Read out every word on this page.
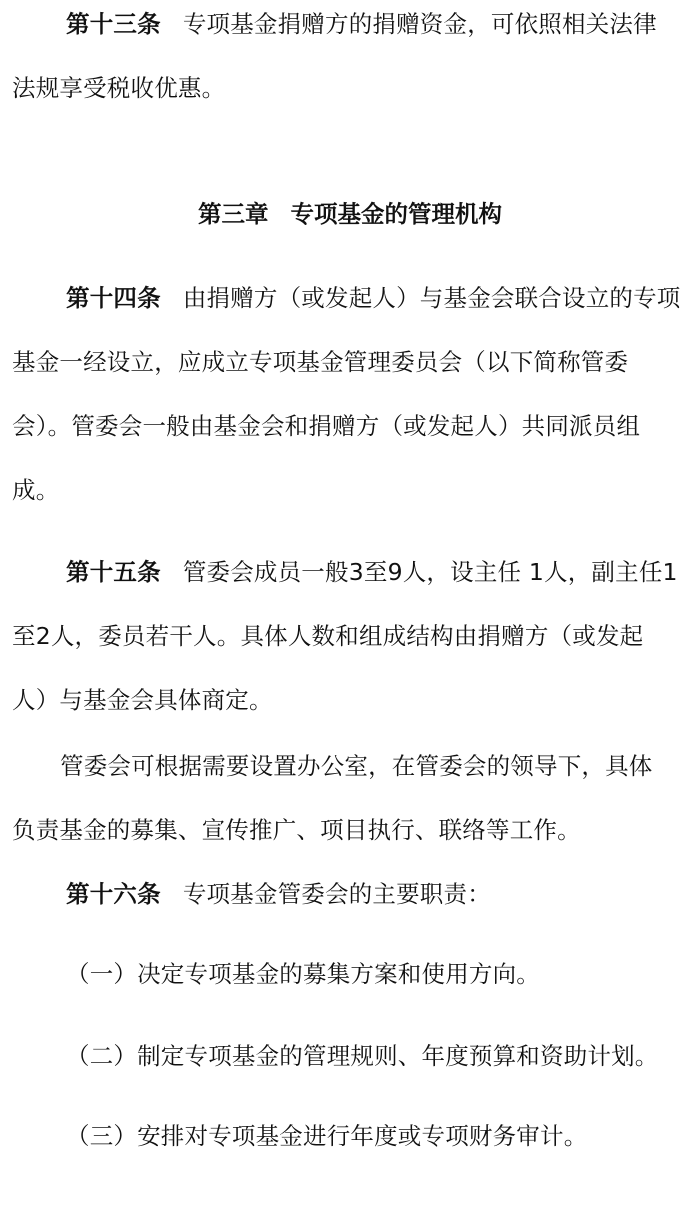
第十三条 专项基金捐赠方的捐赠资金，可依照相关法律
法规享受税收优惠。
第三章 专项基金的管理机构
第十四条 由捐赠方（或发起人）与基金会联合设立的专项
基金一经设立，应成立专项基金管理委员会（以下简称管委
会）。管委会一般由基金会和捐赠方（或发起人）共同派员组
成。
第十五条 管委会成员一般3至9人，设主任 1人，副主任1
至2人，委员若干人。具体人数和组成结构由捐赠方（或发起
人）与基金会具体商定。
管委会可根据需要设置办公室，在管委会的领导下，具体
负责基金的募集、宣传推广、项目执行、联络等工作。
第十六条 专项基金管委会的主要职责：
（一）决定专项基金的募集方案和使用方向。
（二）制定专项基金的管理规则、年度预算和资助计划。
（三）安排对专项基金进行年度或专项财务审计。
